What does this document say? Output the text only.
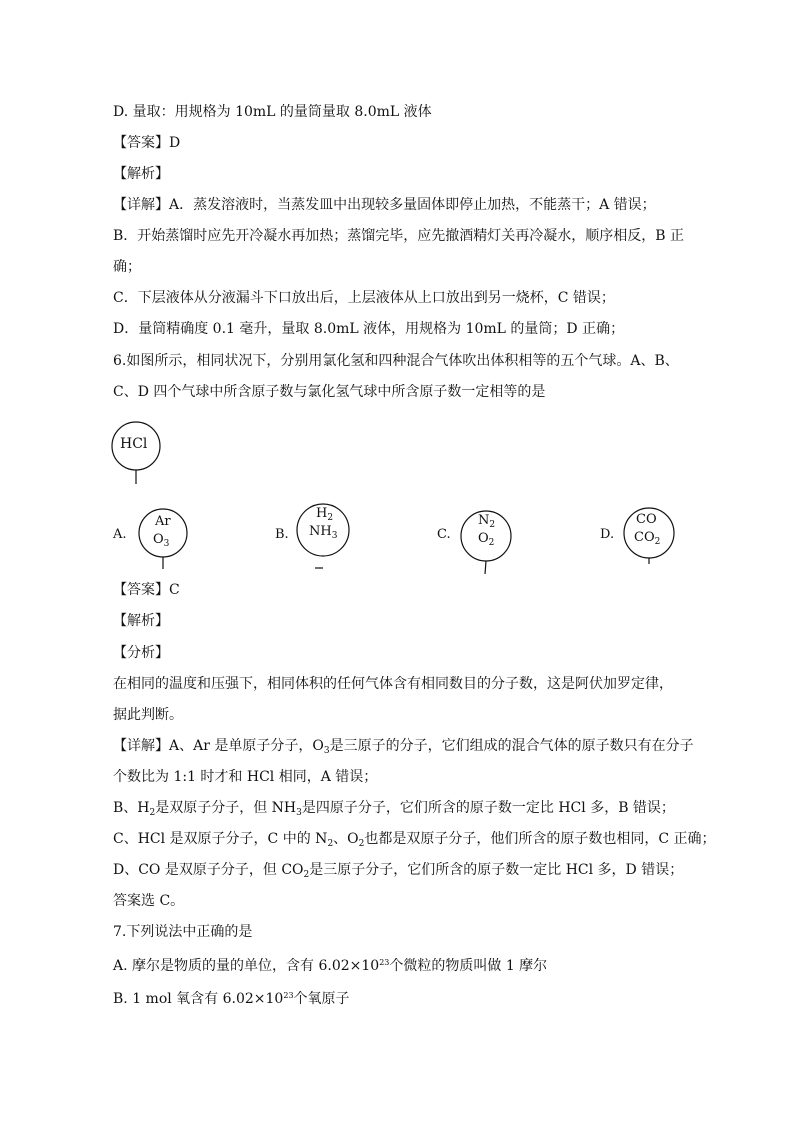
D. 量取：用规格为 10mL 的量筒量取 8.0mL 液体
【答案】D
【解析】
【详解】A．蒸发溶液时，当蒸发皿中出现较多量固体即停止加热，不能蒸干；A 错误；
B．开始蒸馏时应先开冷凝水再加热；蒸馏完毕，应先撤酒精灯关再冷凝水，顺序相反，B 正
确；
C．下层液体从分液漏斗下口放出后，上层液体从上口放出到另一烧杯，C 错误；
D．量筒精确度 0.1 毫升，量取 8.0mL 液体，用规格为 10mL 的量筒；D 正确；
6.如图所示，相同状况下，分别用氯化氢和四种混合气体吹出体积相等的五个气球。A、B、
C、D 四个气球中所含原子数与氯化氢气球中所含原子数一定相等的是
HCl
A.
Ar
$O_3$
B.
$H_2$
$NH_3$	C.
$N_2$
$O_2$
D.
CO
$CO_2$
【答案】C
【解析】
【分析】
在相同的温度和压强下，相同体积的任何气体含有相同数目的分子数，这是阿伏加罗定律，
据此判断。
【详解】A、Ar 是单原子分子，$O_3$是三原子的分子，它们组成的混合气体的原子数只有在分子
个数比为 1:1 时才和 HCl 相同，A 错误；
B、$H_2$是双原子分子，但 $NH_3$是四原子分子，它们所含的原子数一定比 HCl 多，B 错误；
C、HCl 是双原子分子，C 中的 $N_2$、$O_2$也都是双原子分子，他们所含的原子数也相同，C 正确；
D、CO 是双原子分子，但 $CO_2$是三原子分子，它们所含的原子数一定比 HCl 多，D 错误；
答案选 C。
7.下列说法中正确的是
A. 摩尔是物质的量的单位，含有 $6.02\times 10^{23}$个微粒的物质叫做 1 摩尔
B. 1 mol 氧含有 $6.02\times 10^{23}$个氧原子
